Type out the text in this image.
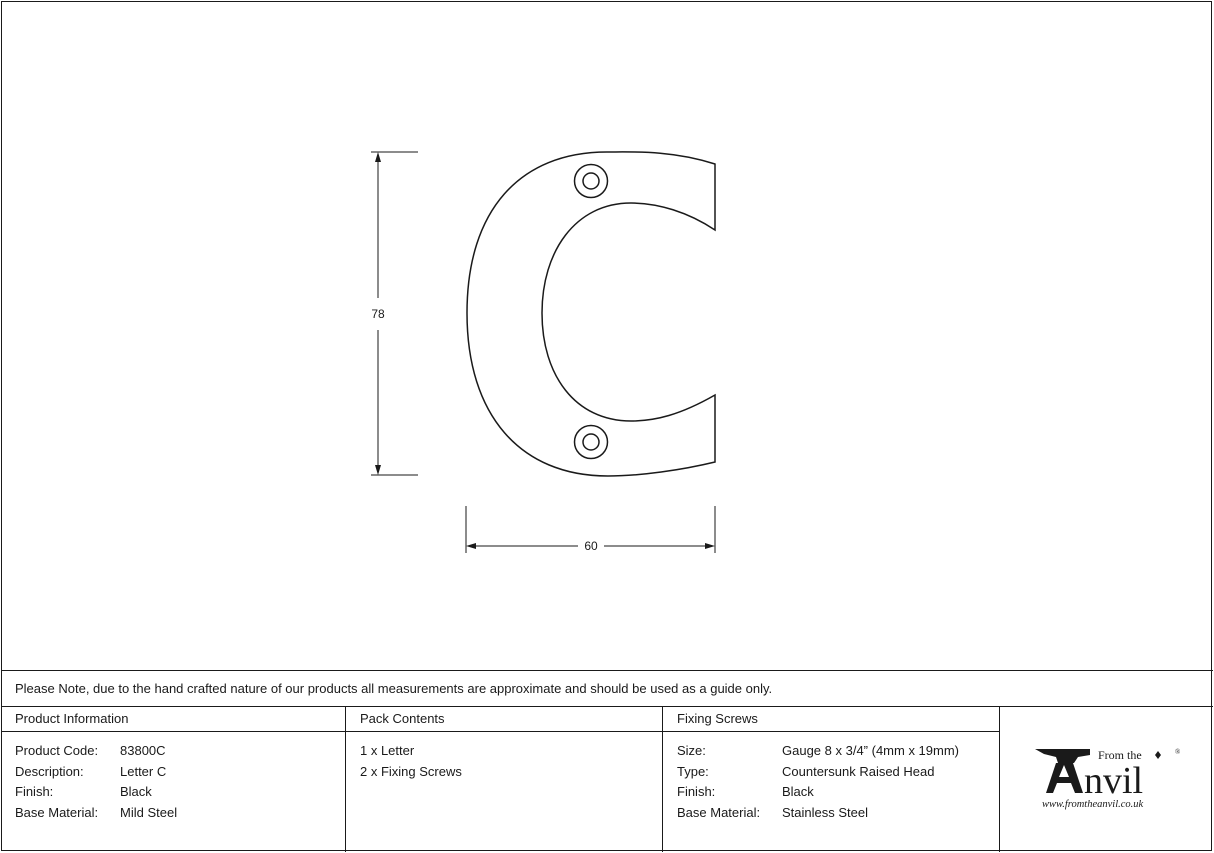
78
60
Please Note, due to the hand crafted nature of our products all measurements are approximate and should be used as a guide only.
Product Information
Product Code:	83800C
Description:	Letter C
Finish:	Black
Base Material:	Mild Steel
Pack Contents
1 x Letter
2 x Fixing Screws
Fixing Screws
Size:	Gauge 8 x 3/4” (4mm x 19mm)
Type:	Countersunk Raised Head
Finish:	Black
Base Material:	Stainless Steel
From the	®
nvil
www.fromtheanvil.co.uk
